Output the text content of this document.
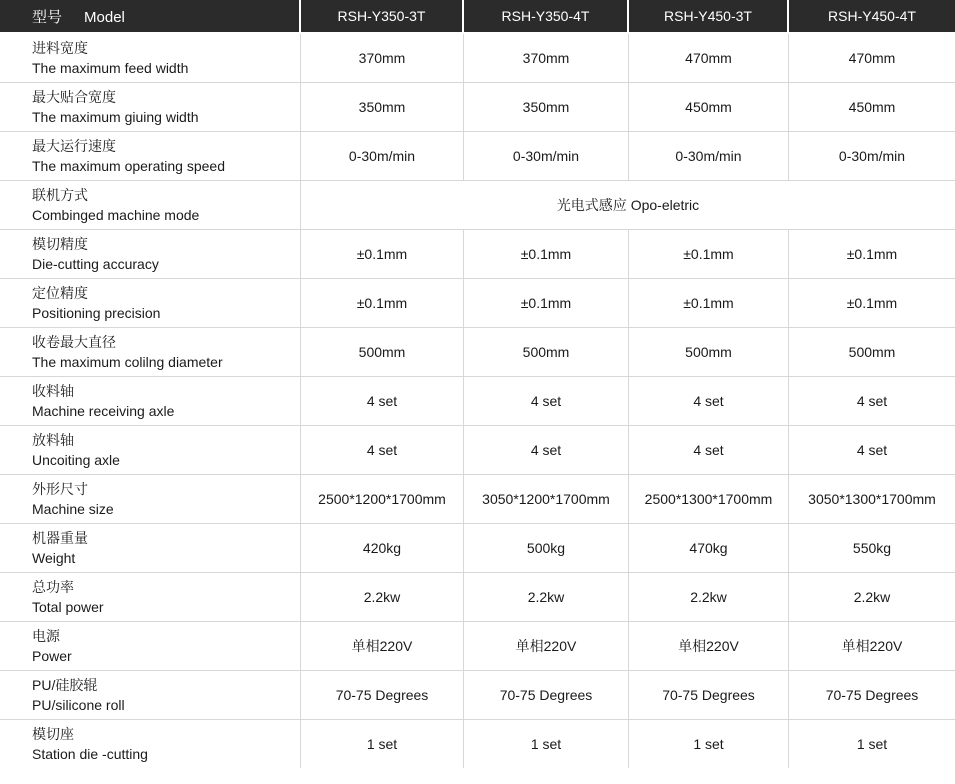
型号 Model	RSH-Y350-3T	RSH-Y350-4T	RSH-Y450-3T	RSH-Y450-4T

进料宽度
The maximum feed width	370mm	370mm	470mm	470mm

最大贴合宽度
The maximum giuing width	350mm	350mm	450mm	450mm

最大运行速度
The maximum operating speed	0-30m/min	0-30m/min	0-30m/min	0-30m/min

联机方式
Combinged machine mode	光电式感应 Opo-eletric			

模切精度
Die-cutting accuracy	±0.1mm	±0.1mm	±0.1mm	±0.1mm

定位精度
Positioning precision	±0.1mm	±0.1mm	±0.1mm	±0.1mm

收卷最大直径
The maximum colilng diameter	500mm	500mm	500mm	500mm

收料轴
Machine receiving axle	4 set	4 set	4 set	4 set

放料轴
Uncoiting axle	4 set	4 set	4 set	4 set

外形尺寸
Machine size	2500*1200*1700mm	3050*1200*1700mm	2500*1300*1700mm	3050*1300*1700mm

机器重量
Weight	420kg	500kg	470kg	550kg

总功率
Total power	2.2kw	2.2kw	2.2kw	2.2kw

电源
Power	单相220V	单相220V	单相220V	单相220V

PU/硅胶辊
PU/silicone roll	70-75 Degrees	70-75 Degrees	70-75 Degrees	70-75 Degrees

模切座
Station die -cutting	1 set	1 set	1 set	1 set
